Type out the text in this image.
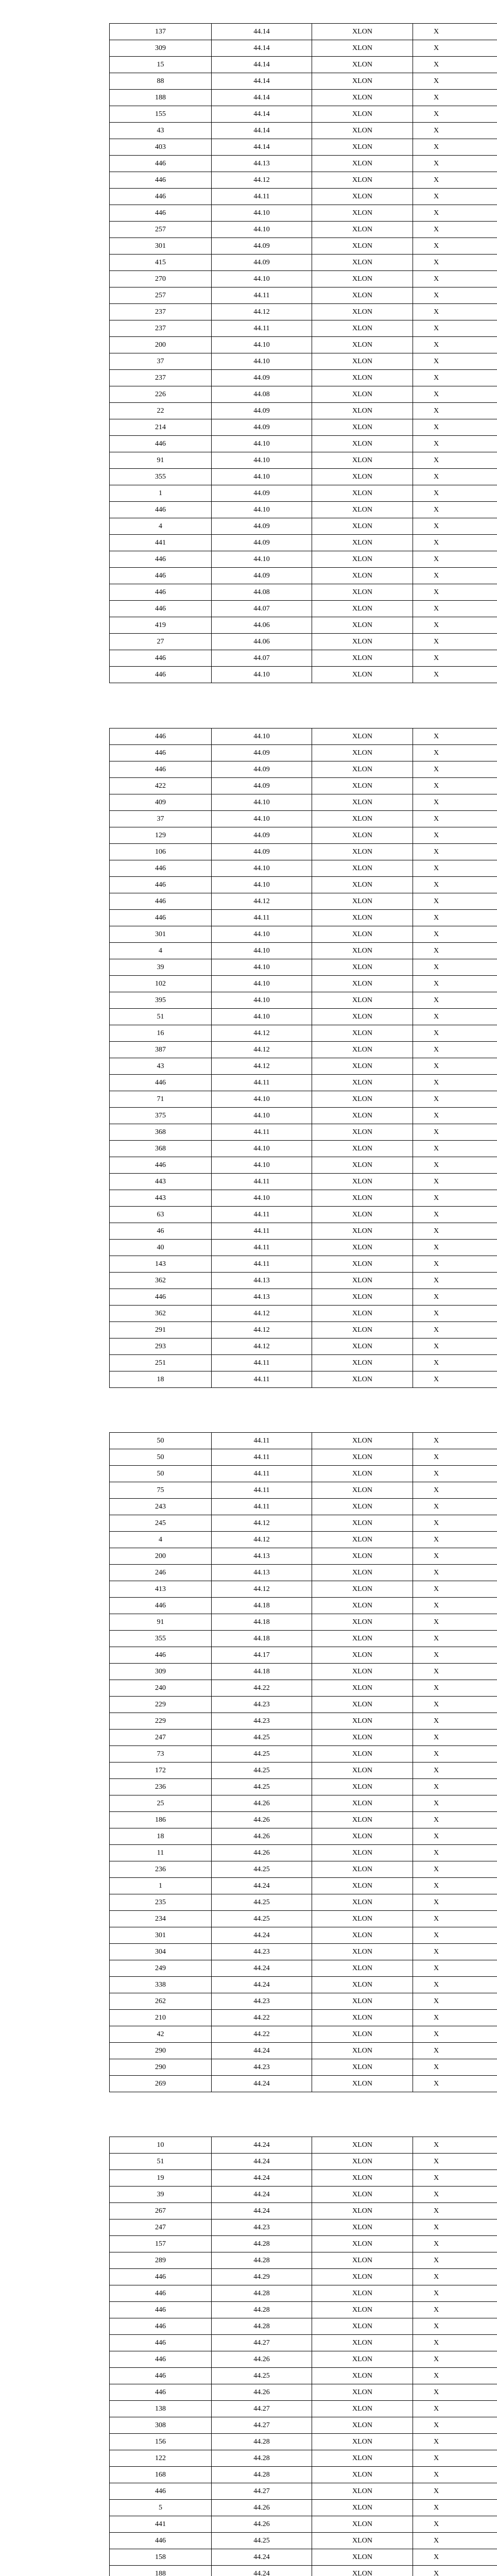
137	44.14	XLON	X
309	44.14	XLON	X
15	44.14	XLON	X
88	44.14	XLON	X
188	44.14	XLON	X
155	44.14	XLON	X
43	44.14	XLON	X
403	44.14	XLON	X
446	44.13	XLON	X
446	44.12	XLON	X
446	44.11	XLON	X
446	44.10	XLON	X
257	44.10	XLON	X
301	44.09	XLON	X
415	44.09	XLON	X
270	44.10	XLON	X
257	44.11	XLON	X
237	44.12	XLON	X
237	44.11	XLON	X
200	44.10	XLON	X
37	44.10	XLON	X
237	44.09	XLON	X
226	44.08	XLON	X
22	44.09	XLON	X
214	44.09	XLON	X
446	44.10	XLON	X
91	44.10	XLON	X
355	44.10	XLON	X
1	44.09	XLON	X
446	44.10	XLON	X
4	44.09	XLON	X
441	44.09	XLON	X
446	44.10	XLON	X
446	44.09	XLON	X
446	44.08	XLON	X
446	44.07	XLON	X
419	44.06	XLON	X
27	44.06	XLON	X
446	44.07	XLON	X
446	44.10	XLON	X
446	44.10	XLON	X
446	44.09	XLON	X
446	44.09	XLON	X
422	44.09	XLON	X
409	44.10	XLON	X
37	44.10	XLON	X
129	44.09	XLON	X
106	44.09	XLON	X
446	44.10	XLON	X
446	44.10	XLON	X
446	44.12	XLON	X
446	44.11	XLON	X
301	44.10	XLON	X
4	44.10	XLON	X
39	44.10	XLON	X
102	44.10	XLON	X
395	44.10	XLON	X
51	44.10	XLON	X
16	44.12	XLON	X
387	44.12	XLON	X
43	44.12	XLON	X
446	44.11	XLON	X
71	44.10	XLON	X
375	44.10	XLON	X
368	44.11	XLON	X
368	44.10	XLON	X
446	44.10	XLON	X
443	44.11	XLON	X
443	44.10	XLON	X
63	44.11	XLON	X
46	44.11	XLON	X
40	44.11	XLON	X
143	44.11	XLON	X
362	44.13	XLON	X
446	44.13	XLON	X
362	44.12	XLON	X
291	44.12	XLON	X
293	44.12	XLON	X
251	44.11	XLON	X
18	44.11	XLON	X
50	44.11	XLON	X
50	44.11	XLON	X
50	44.11	XLON	X
75	44.11	XLON	X
243	44.11	XLON	X
245	44.12	XLON	X
4	44.12	XLON	X
200	44.13	XLON	X
246	44.13	XLON	X
413	44.12	XLON	X
446	44.18	XLON	X
91	44.18	XLON	X
355	44.18	XLON	X
446	44.17	XLON	X
309	44.18	XLON	X
240	44.22	XLON	X
229	44.23	XLON	X
229	44.23	XLON	X
247	44.25	XLON	X
73	44.25	XLON	X
172	44.25	XLON	X
236	44.25	XLON	X
25	44.26	XLON	X
186	44.26	XLON	X
18	44.26	XLON	X
11	44.26	XLON	X
236	44.25	XLON	X
1	44.24	XLON	X
235	44.25	XLON	X
234	44.25	XLON	X
301	44.24	XLON	X
304	44.23	XLON	X
249	44.24	XLON	X
338	44.24	XLON	X
262	44.23	XLON	X
210	44.22	XLON	X
42	44.22	XLON	X
290	44.24	XLON	X
290	44.23	XLON	X
269	44.24	XLON	X
10	44.24	XLON	X
51	44.24	XLON	X
19	44.24	XLON	X
39	44.24	XLON	X
267	44.24	XLON	X
247	44.23	XLON	X
157	44.28	XLON	X
289	44.28	XLON	X
446	44.29	XLON	X
446	44.28	XLON	X
446	44.28	XLON	X
446	44.28	XLON	X
446	44.27	XLON	X
446	44.26	XLON	X
446	44.25	XLON	X
446	44.26	XLON	X
138	44.27	XLON	X
308	44.27	XLON	X
156	44.28	XLON	X
122	44.28	XLON	X
168	44.28	XLON	X
446	44.27	XLON	X
5	44.26	XLON	X
441	44.26	XLON	X
446	44.25	XLON	X
158	44.24	XLON	X
188	44.24	XLON	X
